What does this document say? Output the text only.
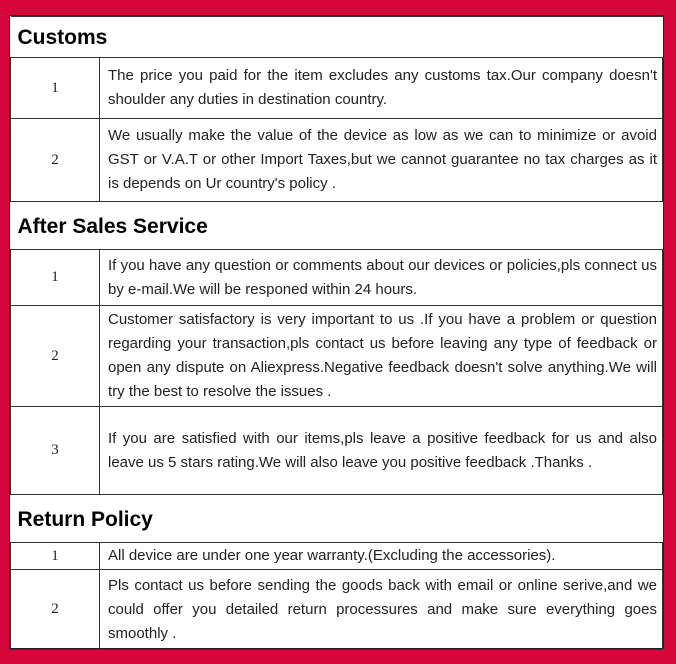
Customs	
1	The price you paid for the item excludes any customs tax.Our company doesn't shoulder any duties in destination country.
2	We usually make the value of the device as low as we can to minimize or avoid GST or V.A.T or other Import Taxes,but we cannot guarantee no tax charges as it is depends on Ur country's policy .
After Sales Service	
1	If you have any question or comments about our devices or policies,pls connect us by e-mail.We will be responed within 24 hours.
2	Customer satisfactory is very important to us .If you have a problem or question regarding your transaction,pls contact us before leaving any type of feedback or open any dispute on Aliexpress.Negative feedback doesn't solve anything.We will try the best to resolve the issues .
3	If you are satisfied with our items,pls leave a positive feedback for us and also leave us 5 stars rating.We will also leave you positive feedback .Thanks .
Return Policy	
1	All device are under one year warranty.(Excluding the accessories).
2	Pls contact us before sending the goods back with email or online serive,and we could offer you detailed return processures and make sure everything goes smoothly .
